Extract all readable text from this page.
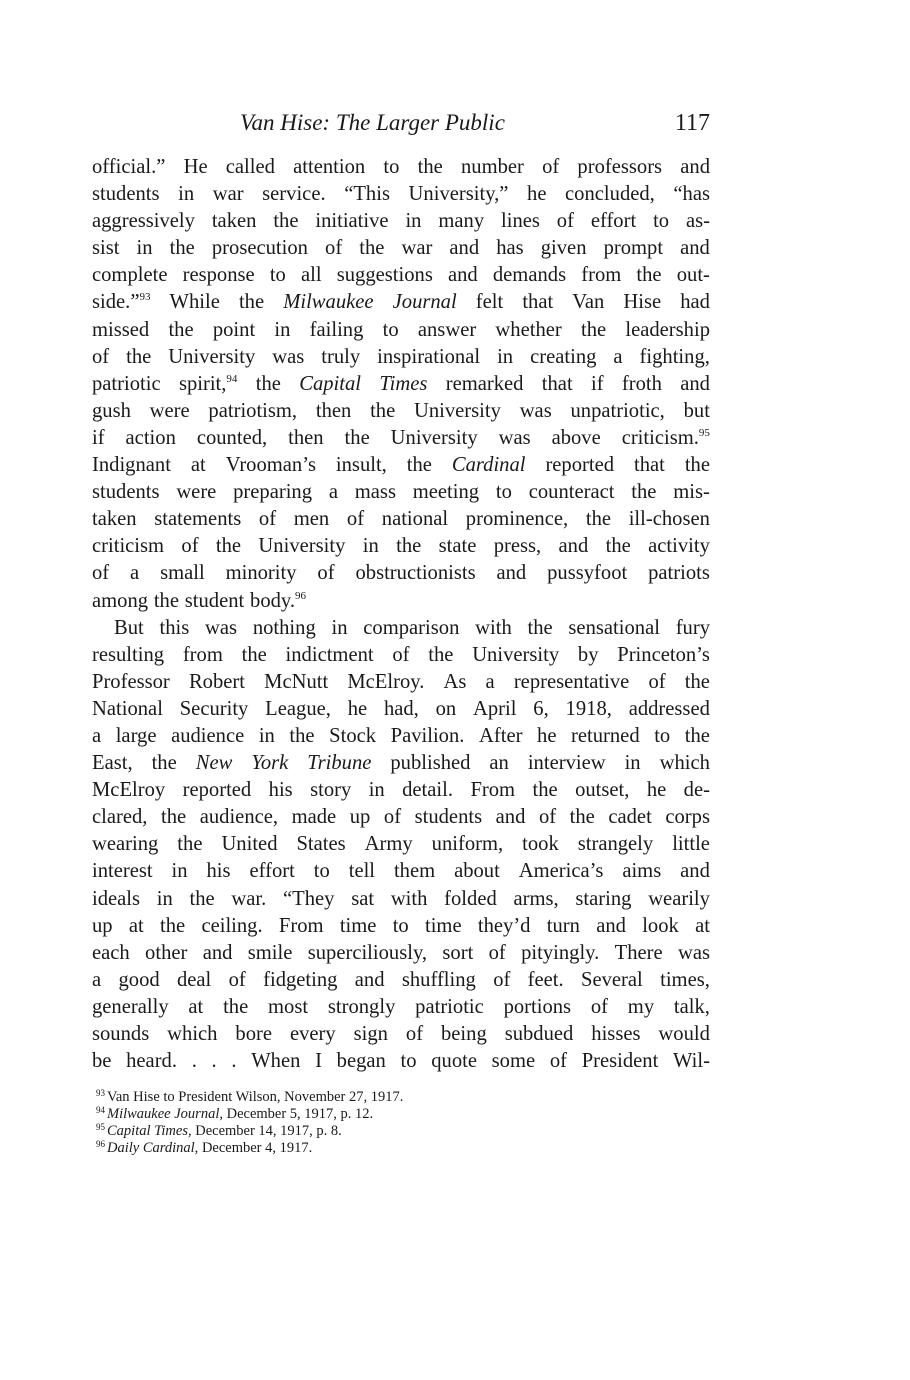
Van Hise: The Larger Public	117
official.” He called attention to the number of professors and
students in war service. “This University,” he concluded, “has
aggressively taken the initiative in many lines of effort to as-
sist in the prosecution of the war and has given prompt and
complete response to all suggestions and demands from the out-
side.”$^{93}$ While the Milwaukee Journal felt that Van Hise had
missed the point in failing to answer whether the leadership
of the University was truly inspirational in creating a fighting,
patriotic spirit,$^{94}$ the Capital Times remarked that if froth and
gush were patriotism, then the University was unpatriotic, but
if action counted, then the University was above criticism.$^{95}$
Indignant at Vrooman’s insult, the Cardinal reported that the
students were preparing a mass meeting to counteract the mis-
taken statements of men of national prominence, the ill-chosen
criticism of the University in the state press, and the activity
of a small minority of obstructionists and pussyfoot patriots
among the student body.$^{96}$
But this was nothing in comparison with the sensational fury
resulting from the indictment of the University by Princeton’s
Professor Robert McNutt McElroy. As a representative of the
National Security League, he had, on April 6, 1918, addressed
a large audience in the Stock Pavilion. After he returned to the
East, the New York Tribune published an interview in which
McElroy reported his story in detail. From the outset, he de-
clared, the audience, made up of students and of the cadet corps
wearing the United States Army uniform, took strangely little
interest in his effort to tell them about America’s aims and
ideals in the war. “They sat with folded arms, staring wearily
up at the ceiling. From time to time they’d turn and look at
each other and smile superciliously, sort of pityingly. There was
a good deal of fidgeting and shuffling of feet. Several times,
generally at the most strongly patriotic portions of my talk,
sounds which bore every sign of being subdued hisses would
be heard. . . . When I began to quote some of President Wil-
$^{93}$ Van Hise to President Wilson, November 27, 1917.
$^{94}$ Milwaukee Journal, December 5, 1917, p. 12.
$^{95}$ Capital Times, December 14, 1917, p. 8.
$^{96}$ Daily Cardinal, December 4, 1917.
